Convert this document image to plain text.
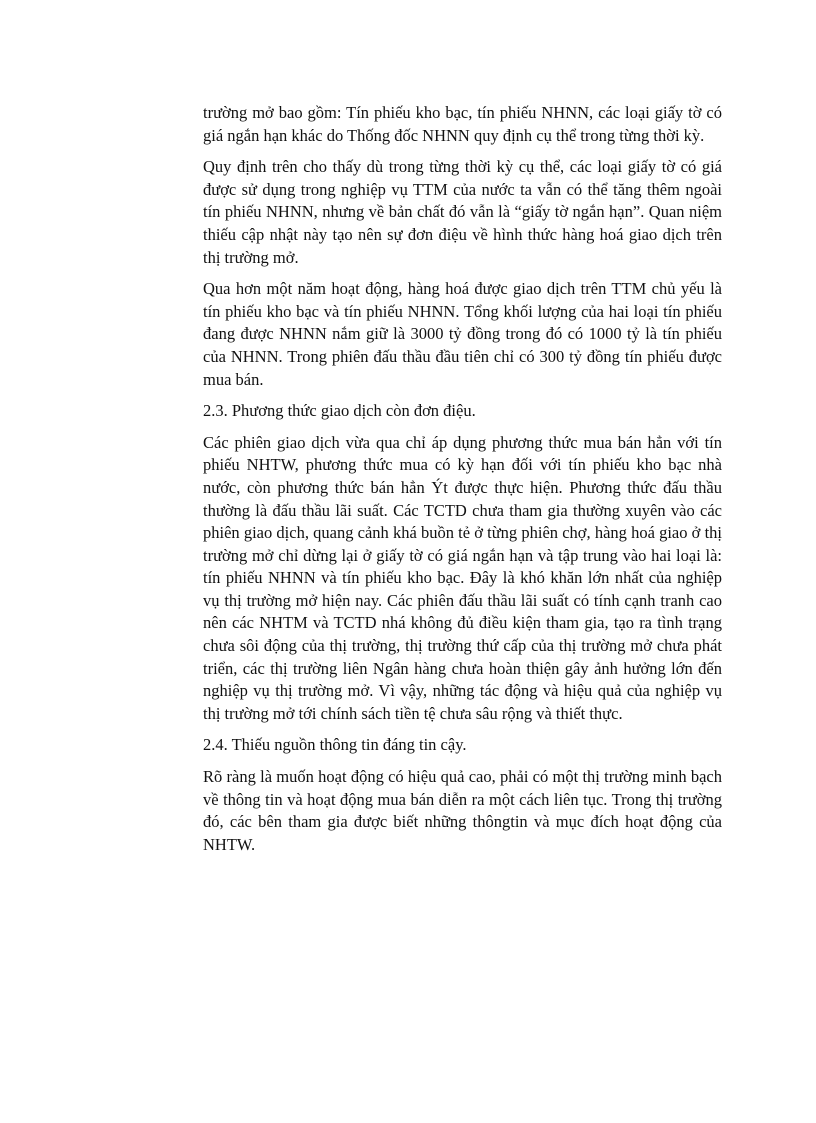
trường mở bao gồm: Tín phiếu kho bạc, tín phiếu NHNN, các loại giấy tờ có giá ngắn hạn khác do Thống đốc NHNN quy định cụ thể trong từng thời kỳ.

Quy định trên cho thấy dù trong từng thời kỳ cụ thể, các loại giấy tờ có giá được sử dụng trong nghiệp vụ TTM của nước ta vẫn có thể tăng thêm ngoài tín phiếu NHNN, nhưng về bản chất đó vẫn là “giấy tờ ngắn hạn”. Quan niệm thiếu cập nhật này tạo nên sự đơn điệu về hình thức hàng hoá giao dịch trên thị trường mở.

Qua hơn một năm hoạt động, hàng hoá được giao dịch trên TTM chủ yếu là tín phiếu kho bạc và tín phiếu NHNN. Tổng khối lượng của hai loại tín phiếu đang được NHNN nắm giữ là 3000 tỷ đồng trong đó có 1000 tỷ là tín phiếu của NHNN. Trong phiên đấu thầu đầu tiên chỉ có 300 tỷ đồng tín phiếu được mua bán.

2.3. Phương thức giao dịch còn đơn điệu.

Các phiên giao dịch vừa qua chỉ áp dụng phương thức mua bán hẳn với tín phiếu NHTW, phương thức mua có kỳ hạn đối với tín phiếu kho bạc nhà nước, còn phương thức bán hẳn Ýt được thực hiện. Phương thức đấu thầu thường là đấu thầu lãi suất. Các TCTD chưa tham gia thường xuyên vào các phiên giao dịch, quang cảnh khá buồn tẻ ở từng phiên chợ, hàng hoá giao ở thị trường mở chỉ dừng lại ở giấy tờ có giá ngắn hạn và tập trung vào hai loại là: tín phiếu NHNN và tín phiếu kho bạc. Đây là khó khăn lớn nhất của nghiệp vụ thị trường mở hiện nay. Các phiên đấu thầu lãi suất có tính cạnh tranh cao nên các NHTM và TCTD nhá không đủ điều kiện tham gia, tạo ra tình trạng chưa sôi động của thị trường, thị trường thứ cấp của thị trường mở chưa phát triển, các thị trường liên Ngân hàng chưa hoàn thiện gây ảnh hưởng lớn đến nghiệp vụ thị trường mở. Vì vậy, những tác động và hiệu quả của nghiệp vụ thị trường mở tới chính sách tiền tệ chưa sâu rộng và thiết thực.

2.4. Thiếu nguồn thông tin đáng tin cậy.

Rõ ràng là muốn hoạt động có hiệu quả cao, phải có một thị trường minh bạch về thông tin và hoạt động mua bán diễn ra một cách liên tục. Trong thị trường đó, các bên tham gia được biết những thôngtin và mục đích hoạt động của NHTW.
